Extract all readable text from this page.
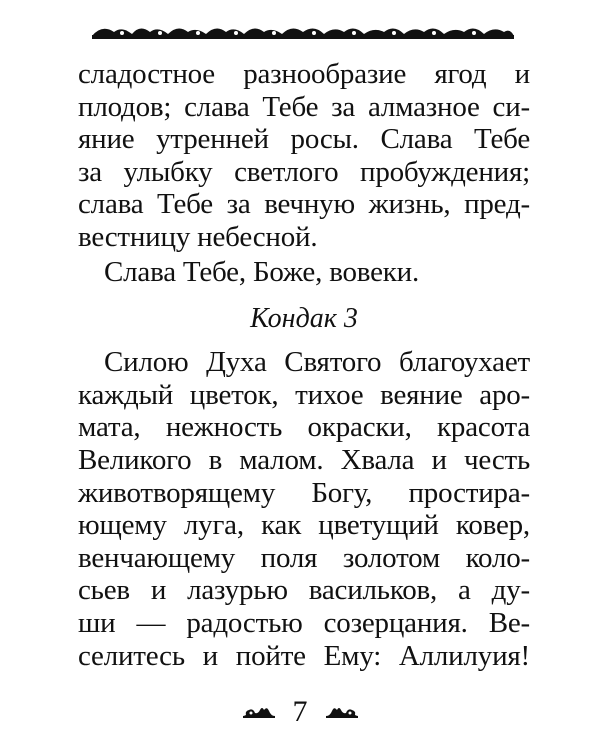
сладостное разнообразие ягод и
плодов; слава Тебе за алмазное си-
яние утренней росы. Слава Тебе
за улыбку светлого пробуждения;
слава Тебе за вечную жизнь, пред-
вестницу небесной.
Слава Тебе, Боже, вовеки.
Кондак 3
Силою Духа Святого благоухает
каждый цветок, тихое веяние аро-
мата, нежность окраски, красота
Великого в малом. Хвала и честь
животворящему Богу, простира-
ющему луга, как цветущий ковер,
венчающему поля золотом коло-
сьев и лазурью васильков, а ду-
ши — радостью созерцания. Ве-
селитесь и пойте Ему: Аллилуия!
7
